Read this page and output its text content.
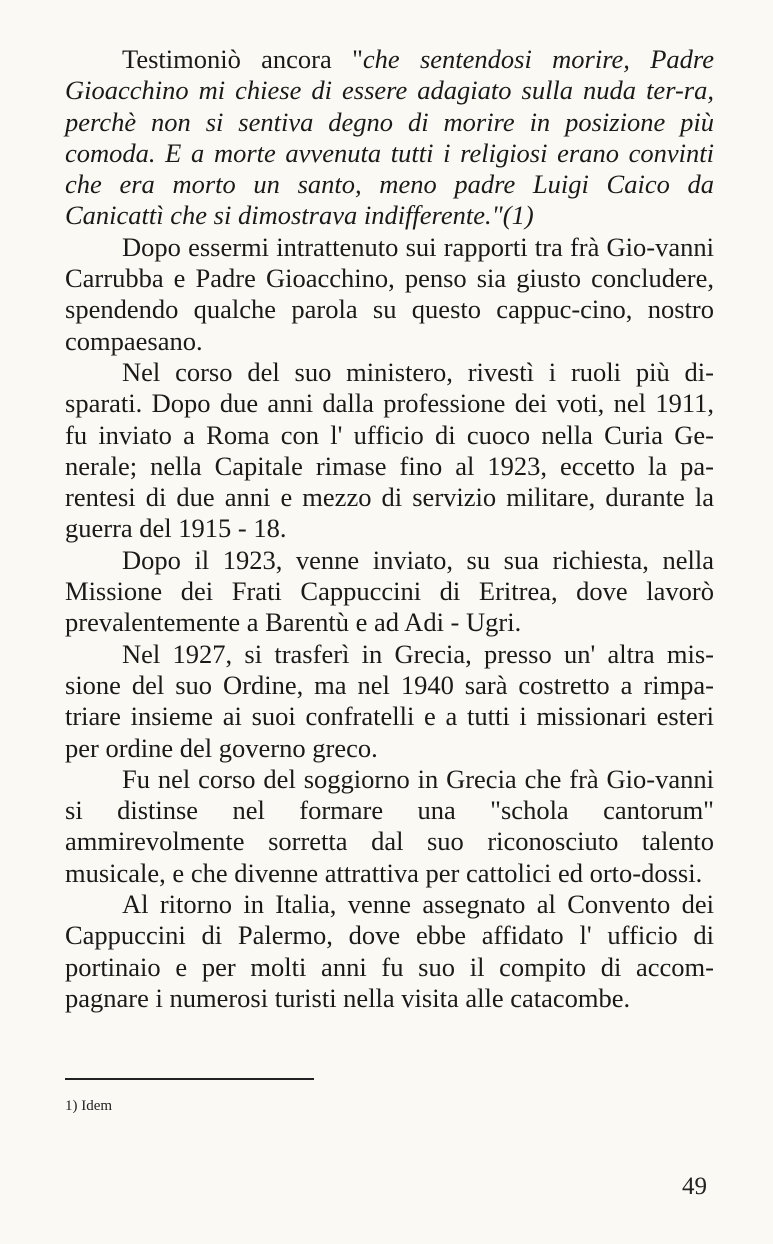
Testimoniò ancora "che sentendosi morire, Padre Gioacchino mi chiese di essere adagiato sulla nuda ter-ra, perchè non si sentiva degno di morire in posizione più comoda. E a morte avvenuta tutti i religiosi erano convinti che era morto un santo, meno padre Luigi Caico da Canicattì che si dimostrava indifferente."(1)

Dopo essermi intrattenuto sui rapporti tra frà Gio-vanni Carrubba e Padre Gioacchino, penso sia giusto concludere, spendendo qualche parola su questo cappuc-cino, nostro compaesano.

Nel corso del suo ministero, rivestì i ruoli più di-sparati. Dopo due anni dalla professione dei voti, nel 1911, fu inviato a Roma con l' ufficio di cuoco nella Curia Ge-nerale; nella Capitale rimase fino al 1923, eccetto la pa-rentesi di due anni e mezzo di servizio militare, durante la guerra del 1915 - 18.

Dopo il 1923, venne inviato, su sua richiesta, nella Missione dei Frati Cappuccini di Eritrea, dove lavorò prevalentemente a Barentù e ad Adi - Ugri.

Nel 1927, si trasferì in Grecia, presso un' altra mis-sione del suo Ordine, ma nel 1940 sarà costretto a rimpa-triare insieme ai suoi confratelli e a tutti i missionari esteri per ordine del governo greco.

Fu nel corso del soggiorno in Grecia che frà Gio-vanni si distinse nel formare una "schola cantorum" ammirevolmente sorretta dal suo riconosciuto talento musicale, e che divenne attrattiva per cattolici ed orto-dossi.

Al ritorno in Italia, venne assegnato al Convento dei Cappuccini di Palermo, dove ebbe affidato l' ufficio di portinaio e per molti anni fu suo il compito di accom-pagnare i numerosi turisti nella visita alle catacombe.

1) Idem
49
